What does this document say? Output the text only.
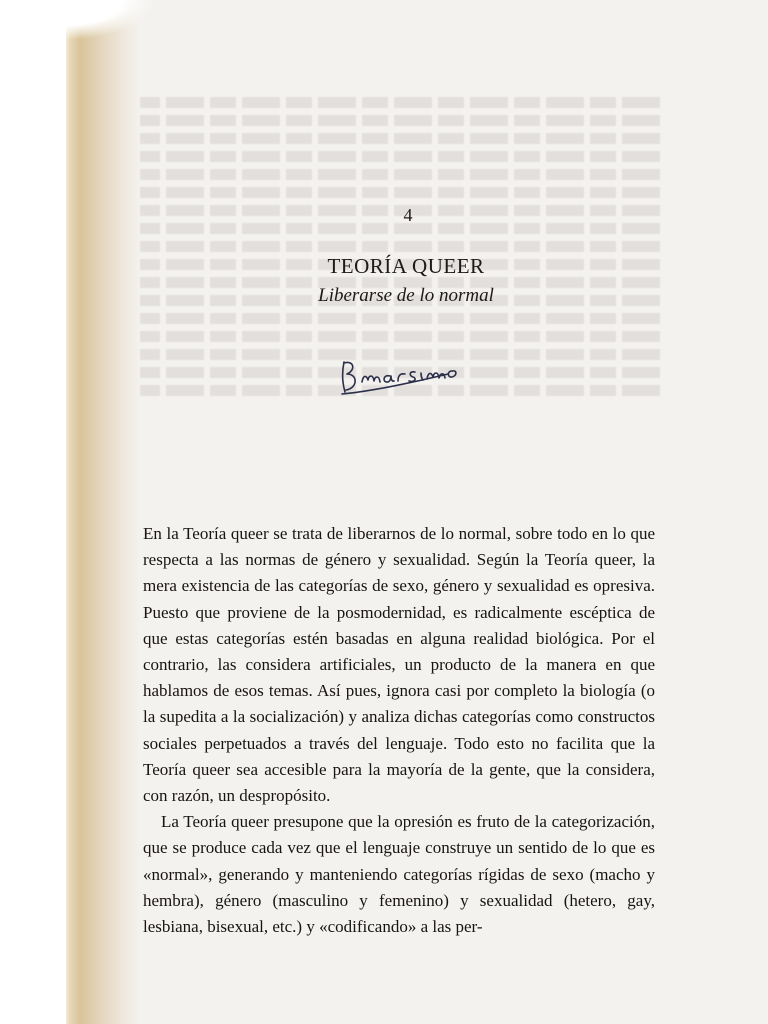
4
TEORÍA QUEER
Liberarse de lo normal

En la Teoría queer se trata de liberarnos de lo normal, sobre todo en lo que respecta a las normas de género y sexualidad. Según la Teoría queer, la mera existencia de las categorías de sexo, género y sexualidad es opresiva. Puesto que proviene de la posmodernidad, es radicalmente escéptica de que estas categorías estén basadas en alguna realidad biológica. Por el contrario, las considera artificiales, un producto de la manera en que hablamos de esos temas. Así pues, ignora casi por completo la biología (o la supedita a la socialización) y analiza dichas categorías como constructos sociales perpetuados a través del lenguaje. Todo esto no facilita que la Teoría queer sea accesible para la mayoría de la gente, que la considera, con razón, un despropósito.

La Teoría queer presupone que la opresión es fruto de la categorización, que se produce cada vez que el lenguaje construye un sentido de lo que es «normal», generando y manteniendo categorías rígidas de sexo (macho y hembra), género (masculino y femenino) y sexualidad (hetero, gay, lesbiana, bisexual, etc.) y «codificando» a las per-
